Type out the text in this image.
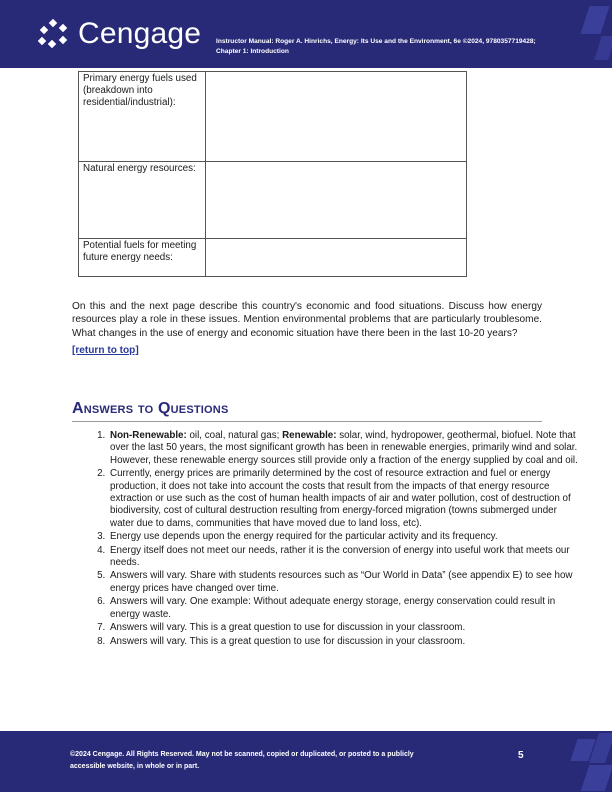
Cengage Instructor Manual: Roger A. Hinrichs, Energy: Its Use and the Environment, 6e ©2024, 9780357719428; Chapter 1: Introduction
Primary energy fuels used (breakdown into residential/industrial):	
Natural energy resources:	
Potential fuels for meeting future energy needs:	

On this and the next page describe this country's economic and food situations. Discuss how energy resources play a role in these issues. Mention environmental problems that are particularly troublesome. What changes in the use of energy and economic situation have there been in the last 10-20 years?

[return to top]
Answers to Questions
1. Non-Renewable: oil, coal, natural gas; Renewable: solar, wind, hydropower, geothermal, biofuel. Note that over the last 50 years, the most significant growth has been in renewable energies, primarily wind and solar. However, these renewable energy sources still provide only a fraction of the energy supplied by coal and oil.
2. Currently, energy prices are primarily determined by the cost of resource extraction and fuel or energy production, it does not take into account the costs that result from the impacts of that energy resource extraction or use such as the cost of human health impacts of air and water pollution, cost of destruction of biodiversity, cost of cultural destruction resulting from energy-forced migration (towns submerged under water due to dams, communities that have moved due to land loss, etc).
3. Energy use depends upon the energy required for the particular activity and its frequency.
4. Energy itself does not meet our needs, rather it is the conversion of energy into useful work that meets our needs.
5. Answers will vary. Share with students resources such as “Our World in Data” (see appendix E) to see how energy prices have changed over time.
6. Answers will vary. One example: Without adequate energy storage, energy conservation could result in energy waste.
7. Answers will vary. This is a great question to use for discussion in your classroom.
8. Answers will vary. This is a great question to use for discussion in your classroom.
©2024 Cengage. All Rights Reserved. May not be scanned, copied or duplicated, or posted to a publicly accessible website, in whole or in part.
5
